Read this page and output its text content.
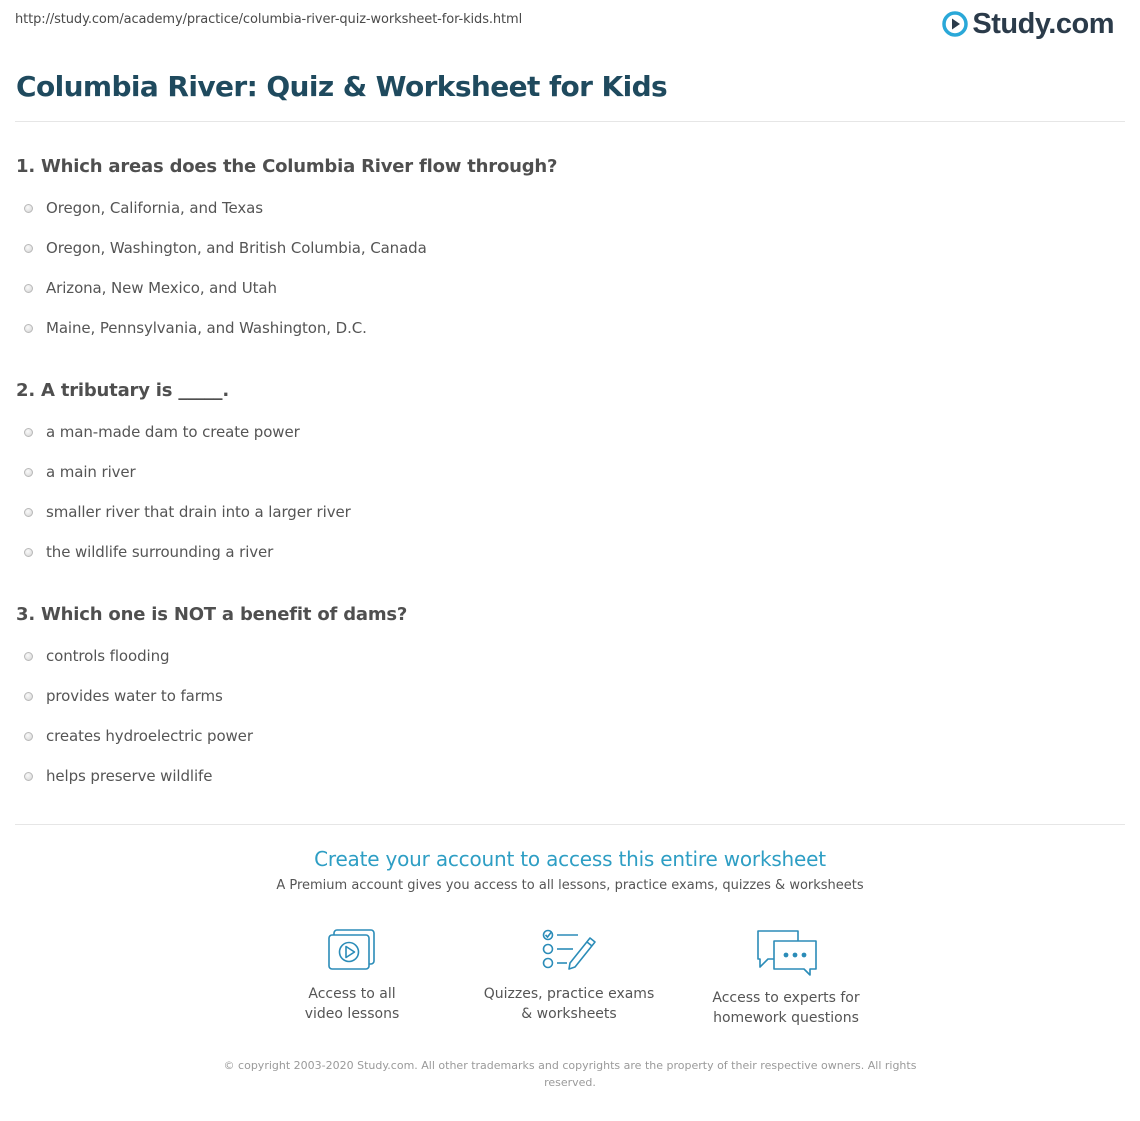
http://study.com/academy/practice/columbia-river-quiz-worksheet-for-kids.html	Study.com
Columbia River: Quiz & Worksheet for Kids
1. Which areas does the Columbia River flow through?
Oregon, California, and Texas
Oregon, Washington, and British Columbia, Canada
Arizona, New Mexico, and Utah
Maine, Pennsylvania, and Washington, D.C.
2. A tributary is _____.
a man-made dam to create power
a main river
smaller river that drain into a larger river
the wildlife surrounding a river
3. Which one is NOT a benefit of dams?
controls flooding
provides water to farms
creates hydroelectric power
helps preserve wildlife
Create your account to access this entire worksheet
A Premium account gives you access to all lessons, practice exams, quizzes & worksheets
Access to all
video lessons
Quizzes, practice exams
& worksheets
Access to experts for
homework questions
© copyright 2003-2020 Study.com. All other trademarks and copyrights are the property of their respective owners. All rights reserved.
